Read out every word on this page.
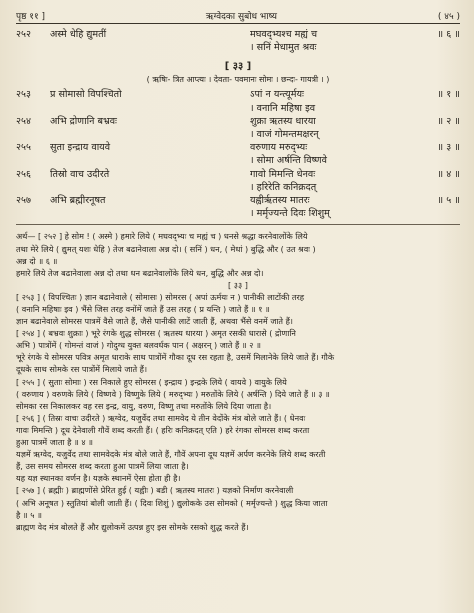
पृष्ठ ११ ]	ऋग्वेदका सुबोध भाष्य	( ४५ )
२५२	अस्मे धेहि द्युमतीं	मघवद्भ्यश्च मह्यं च	॥ ६ ॥
। सनिं मेधामुत श्रवः
[ ३३ ]
( ऋषिः- त्रित आप्त्यः । देवता- पवमानः सोमः । छन्दः- गायत्री । )
२५३	प्र सोमासो विपश्चितो	ऽपां न यन्त्यूर्मयः	॥ १ ॥
। वनानि महिषा इव
२५४	अभि द्रोणानि बभ्रवः	शुक्रा ऋतस्य धारया	॥ २ ॥
। वाजं गोमन्तमक्षरन्
२५५	सुता इन्द्राय वायवे	वरुणाय मरुद्भ्यः	॥ ३ ॥
। सोमा अर्षन्ति विष्णवे
२५६	तिस्रो वाच उदीरते	गावो मिमन्ति धेनवः	॥ ४ ॥
। हरिरेति कनिक्रदत्
२५७	अभि ब्रह्मीरनूषत	यह्वीर्ऋतस्य मातरः	॥ ५ ॥
। मर्मृज्यन्ते दिवः शिशुम्
अर्थ— [ २५२ ] हे सोम ! ( अस्मे ) हमारे लिये ( मघवद्भ्यः च मह्यं च ) धनसे श्रद्धा करनेवालोंके लिये
तथा मेरे लिये ( द्युमत् यशः धेहि ) तेज बढानेवाला अन्न दो। ( सनिं ) धन, ( मेधां ) बुद्धि और ( उत श्रवः )
अन्न दो ॥ ६ ॥
हमारे लिये तेज बढानेवाला अन्न दो तथा धन बढानेवालोंके लिये धन, बुद्धि और अन्न दो।
[ ३३ ]
[ २५३ ] ( विपश्चितः ) ज्ञान बढानेवाले ( सोमासः ) सोमरस ( अपां ऊर्मयः न ) पानीकी लाटोंकी तरह
( वनानि महिषाः इव ) भैंसे जिस तरह वनोंमें जाते हैं उस तरह ( प्र यन्ति ) जाते हैं ॥ १ ॥
ज्ञान बढानेवाले सोमरस पात्रमें वैसे जाते हैं, जैसे पानीकी लाटें जाती हैं, अथवा भैंसे वनमें जाते हैं।
[ २५४ ] ( बभ्रवः शुक्राः ) भूरे रंगके शुद्ध सोमरस ( ऋतस्य धारया ) अमृत रसकी धारासे ( द्रोणानि
अभि ) पात्रोंमें ( गोमन्तं वाजं ) गोदुग्ध युक्त बलवर्धक पान ( अक्षरन् ) जाते हैं ॥ २ ॥
भूरे रंगके ये सोमरस पवित्र अमृत धाराके साथ पात्रोंमें गौका दूध रस रहता है, उसमें मिलानेके लिये जाते हैं। गौके
दूधके साथ सोमके रस पात्रोंमें मिलाये जाते हैं।
[ २५५ ] ( सुताः सोमाः ) रस निकाले हुए सोमरस ( इन्द्राय ) इन्द्रके लिये ( वायवे ) वायुके लिये
( वरुणाय ) वरुणके लिये ( विष्णवे ) विष्णुके लिये ( मरुद्भ्यः ) मरुतोंके लिये ( अर्षन्ति ) दिये जाते हैं ॥ ३ ॥
सोमका रस निकालकर वह रस इन्द्र, वायु, वरुण, विष्णु तथा मरुतोंके लिये दिया जाता है।
[ २५६ ] ( तिस्रः वाचः उदीरते ) ऋग्वेद, यजुर्वेद तथा सामवेद ये तीन वेदोंके मंत्र बोले जाते हैं। ( धेनवः
गावः मिमन्ति ) दूध देनेवाली गौवें शब्द करती हैं। ( हरिः कनिक्रदत् एति ) हरे रंगका सोमरस शब्द करता
हुआ पात्रमें जाता है ॥ ४ ॥
यज्ञमें ऋग्वेद, यजुर्वेद तथा सामवेदके मंत्र बोले जाते हैं, गौवें अपना दूध यज्ञमें अर्पण करनेके लिये शब्द करती
हैं, उस समय सोमरस शब्द करता हुआ पात्रमें लिया जाता है।
यह यज्ञ स्थानका वर्णन है। यज्ञके स्थानमें ऐसा होता ही है।
[ २५७ ] ( ब्रह्मीः ) ब्राह्मणोंसे प्रेरित हुई ( यह्वीः ) बडी ( ऋतस्य मातरः ) यज्ञको निर्माण करनेवाली
( अभि अनूषत ) स्तुतियां बोली जाती हैं। ( दिवः शिशुं ) द्युलोकके उस सोमको ( मर्मृज्यन्ते ) शुद्ध किया जाता
है ॥ ५ ॥
ब्राह्मण वेद मंत्र बोलते हैं और द्युलोकमें उत्पन्न हुए इस सोमके रसको शुद्ध करते हैं।
